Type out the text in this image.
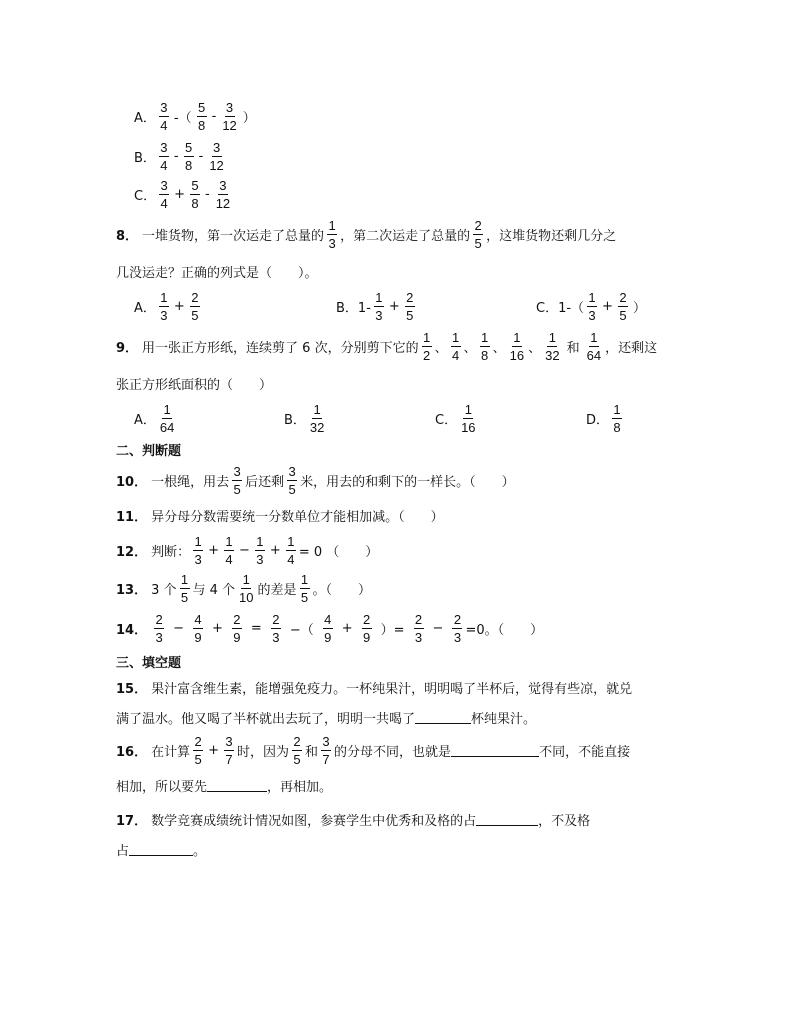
A． $\frac{3}{4}$ -（ $\frac{5}{8} - \frac{3}{12}$ ）
B． $\frac{3}{4} - \frac{5}{8} - \frac{3}{12}$
C． $\frac{3}{4} + \frac{5}{8} - \frac{3}{12}$
8． 一堆货物，第一次运走了总量的 $\frac{1}{3}$ ，第二次运走了总量的 $\frac{2}{5}$ ，这堆货物还剩几分之
几没运走？正确的列式是（　　）。
A． $\frac{1}{3} + \frac{2}{5}$	B．$1- \frac{1}{3} + \frac{2}{5}$	C．$1-( \frac{1}{3} + \frac{2}{5}$ ）
9． 用一张正方形纸，连续剪了 6 次，分别剪下它的 $\frac{1}{2}$ 、 $\frac{1}{4}$ 、 $\frac{1}{8}$ 、 $\frac{1}{16}$ 、 $\frac{1}{32}$ 和 $\frac{1}{64}$ ，还剩这
张正方形纸面积的（　　）
A． $\frac{1}{64}$	B． $\frac{1}{32}$	C． $\frac{1}{16}$	D． $\frac{1}{8}$
二、判断题
10． 一根绳，用去 $\frac{3}{5}$ 后还剩 $\frac{3}{5}$ 米，用去的和剩下的一样长。（　　）
11． 异分母分数需要统一分数单位才能相加减。（　　）
12． 判断： $\frac{1}{3} + \frac{1}{4} - \frac{1}{3} + \frac{1}{4} = 0$ （　　）
13． 3 个 $\frac{1}{5}$ 与 4 个 $\frac{1}{10}$ 的差是 $\frac{1}{5}$ 。（　　）
14． $\frac{2}{3} - \frac{4}{9} + \frac{2}{9} = \frac{2}{3}$ −（ $\frac{4}{9} + \frac{2}{9}$ ）= $\frac{2}{3} - \frac{2}{3} =0$。（　　）
三、填空题
15． 果汁富含维生素，能增强免疫力。一杯纯果汁，明明喝了半杯后，觉得有些凉，就兑
满了温水。他又喝了半杯就出去玩了，明明一共喝了	杯纯果汁。
16． 在计算 $\frac{2}{5} + \frac{3}{7}$ 时，因为 $\frac{2}{5}$ 和 $\frac{3}{7}$ 的分母不同，也就是	不同，不能直接
相加，所以要先	，再相加。
17． 数学竞赛成绩统计情况如图，参赛学生中优秀和及格的占	，不及格
占	。
